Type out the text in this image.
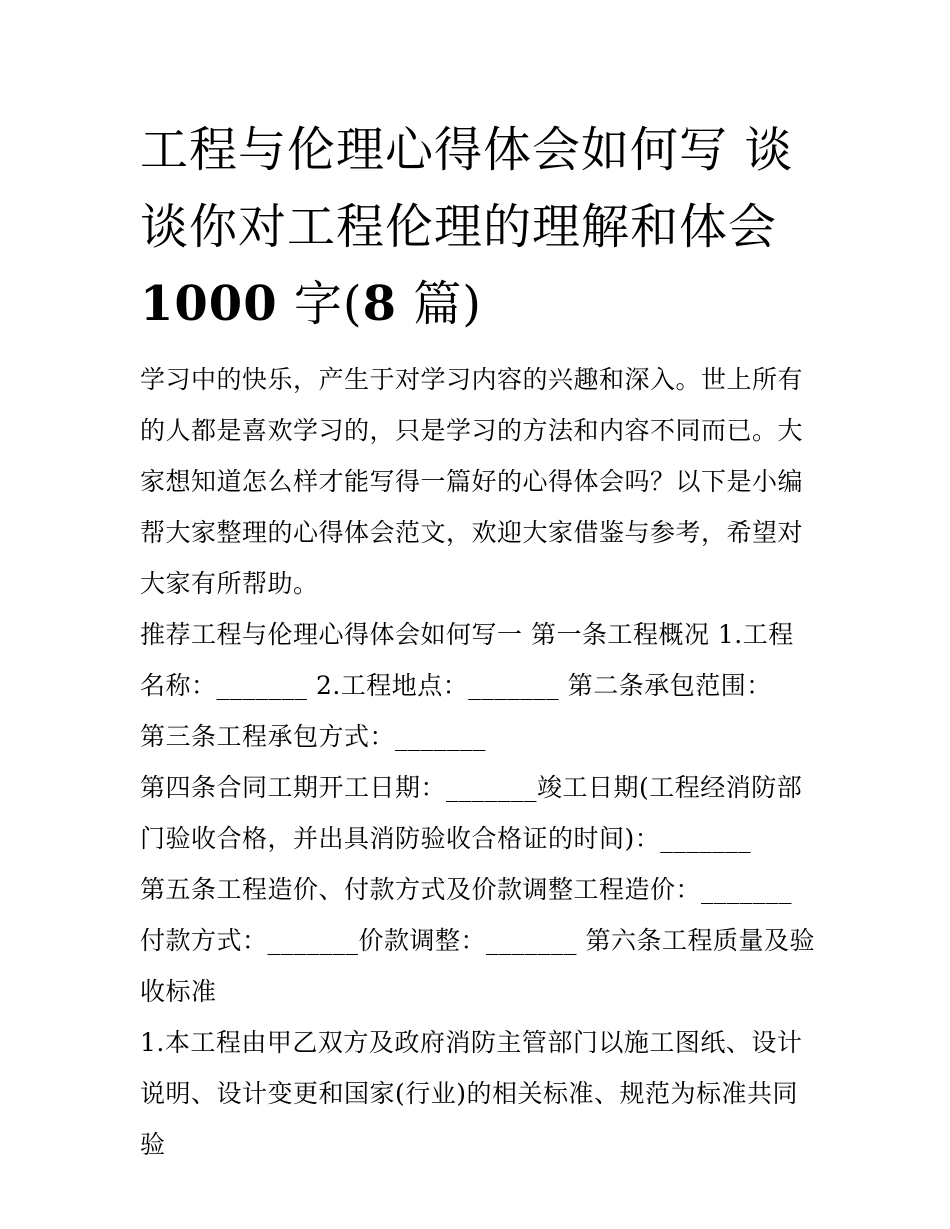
工程与伦理心得体会如何写 谈谈你对工程伦理的理解和体会
1000 字(8 篇)

学习中的快乐，产生于对学习内容的兴趣和深入。世上所有的人都是喜欢学习的，只是学习的方法和内容不同而已。大家想知道怎么样才能写得一篇好的心得体会吗？以下是小编帮大家整理的心得体会范文，欢迎大家借鉴与参考，希望对大家有所帮助。

推荐工程与伦理心得体会如何写一 第一条工程概况 1.工程名称：_______ 2.工程地点：_______ 第二条承包范围：

第三条工程承包方式：_______

第四条合同工期开工日期：_______竣工日期(工程经消防部门验收合格，并出具消防验收合格证的时间)：_______

第五条工程造价、付款方式及价款调整工程造价：_______付款方式：_______价款调整：_______ 第六条工程质量及验收标准

1.本工程由甲乙双方及政府消防主管部门以施工图纸、设计说明、设计变更和国家(行业)的相关标准、规范为标准共同验
